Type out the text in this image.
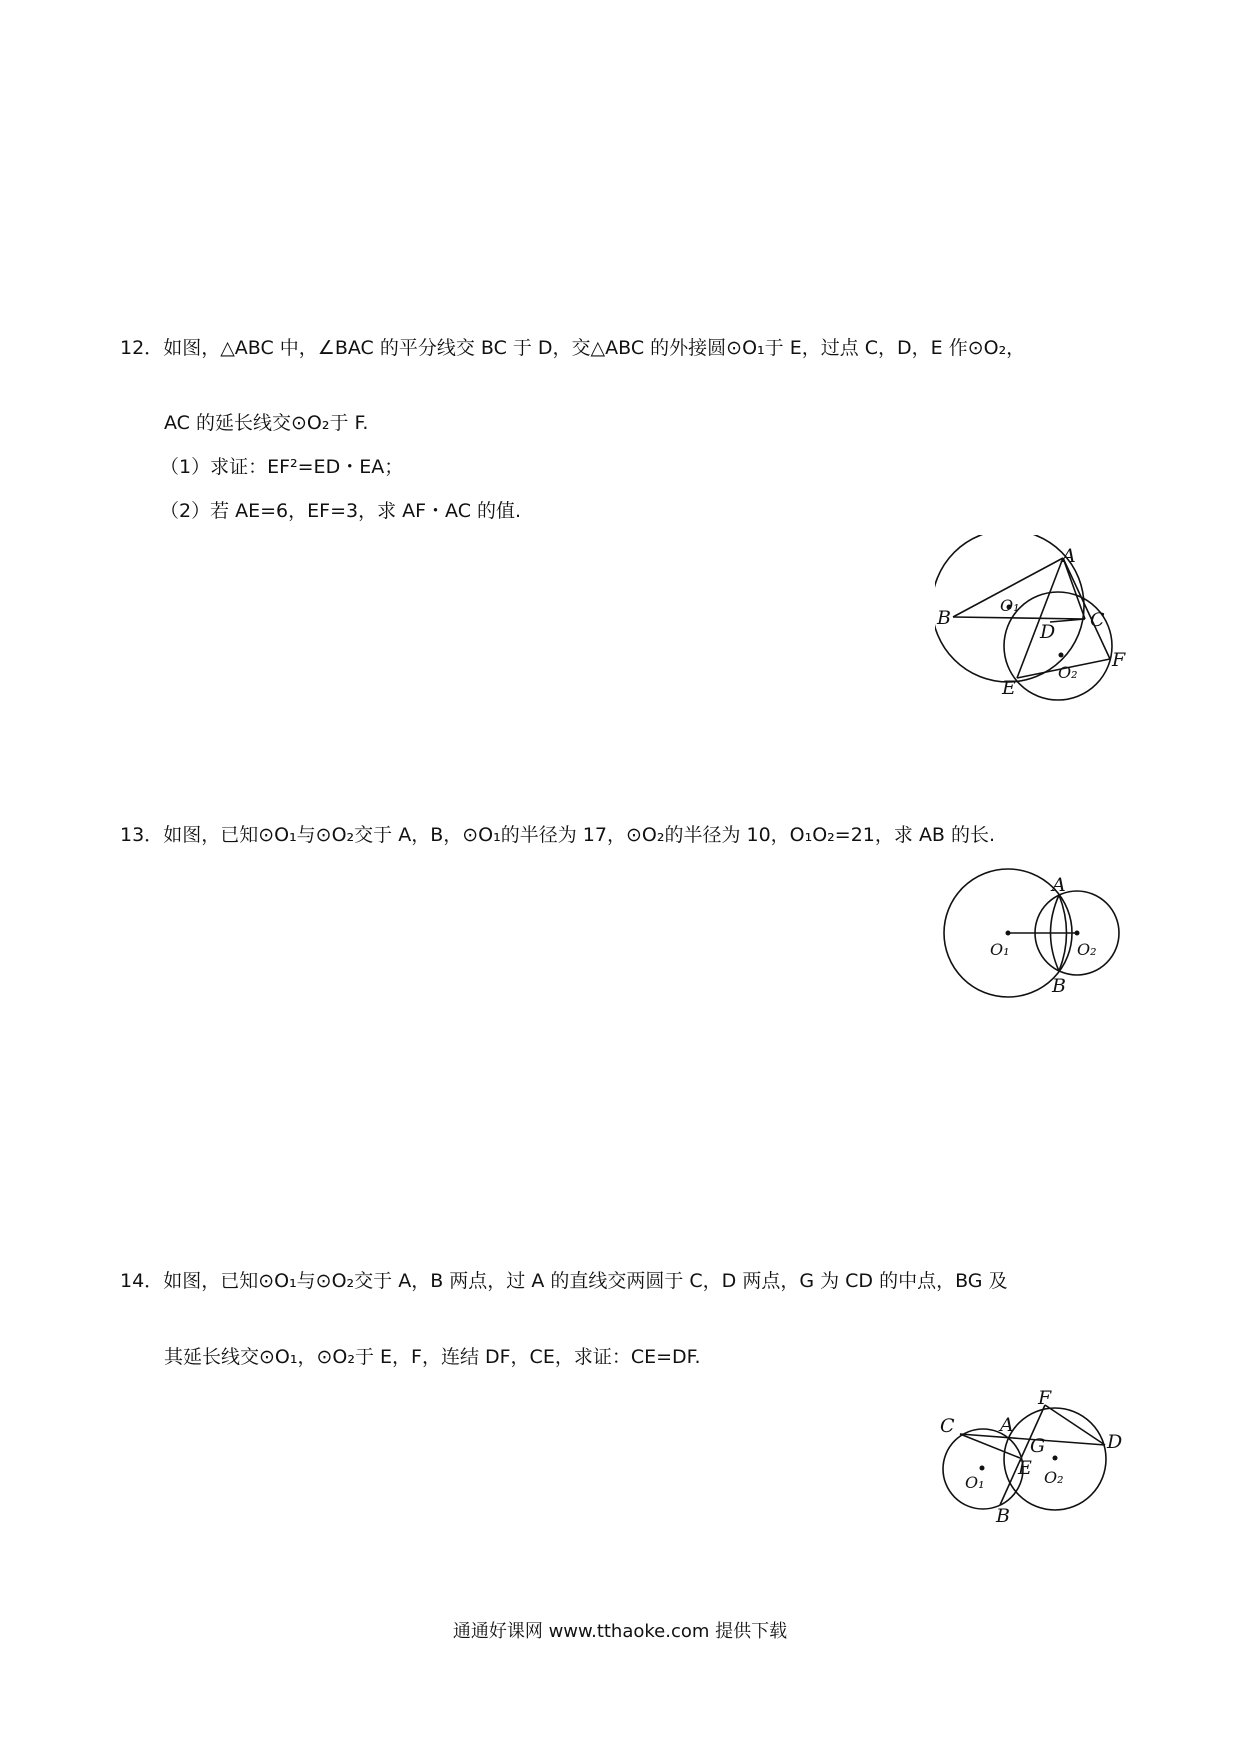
12．如图，△ABC 中，∠BAC 的平分线交 BC 于 D，交△ABC 的外接圆⊙O₁于 E，过点 C，D，E 作⊙O₂，
AC 的延长线交⊙O₂于 F.
（1）求证：EF²=ED・EA；
（2）若 AE=6，EF=3，求 AF・AC 的值.
A
B	C
D
E
F
O₁
O₂
13．如图，已知⊙O₁与⊙O₂交于 A，B，⊙O₁的半径为 17，⊙O₂的半径为 10，O₁O₂=21，求 AB 的长.
A
B
O₁	O₂
14．如图，已知⊙O₁与⊙O₂交于 A，B 两点，过 A 的直线交两圆于 C，D 两点，G 为 CD 的中点，BG 及
其延长线交⊙O₁，⊙O₂于 E，F，连结 DF，CE，求证：CE=DF.
C A
F
D
G
E
B
O₁	O₂
通通好课网 www.tthaoke.com 提供下载
